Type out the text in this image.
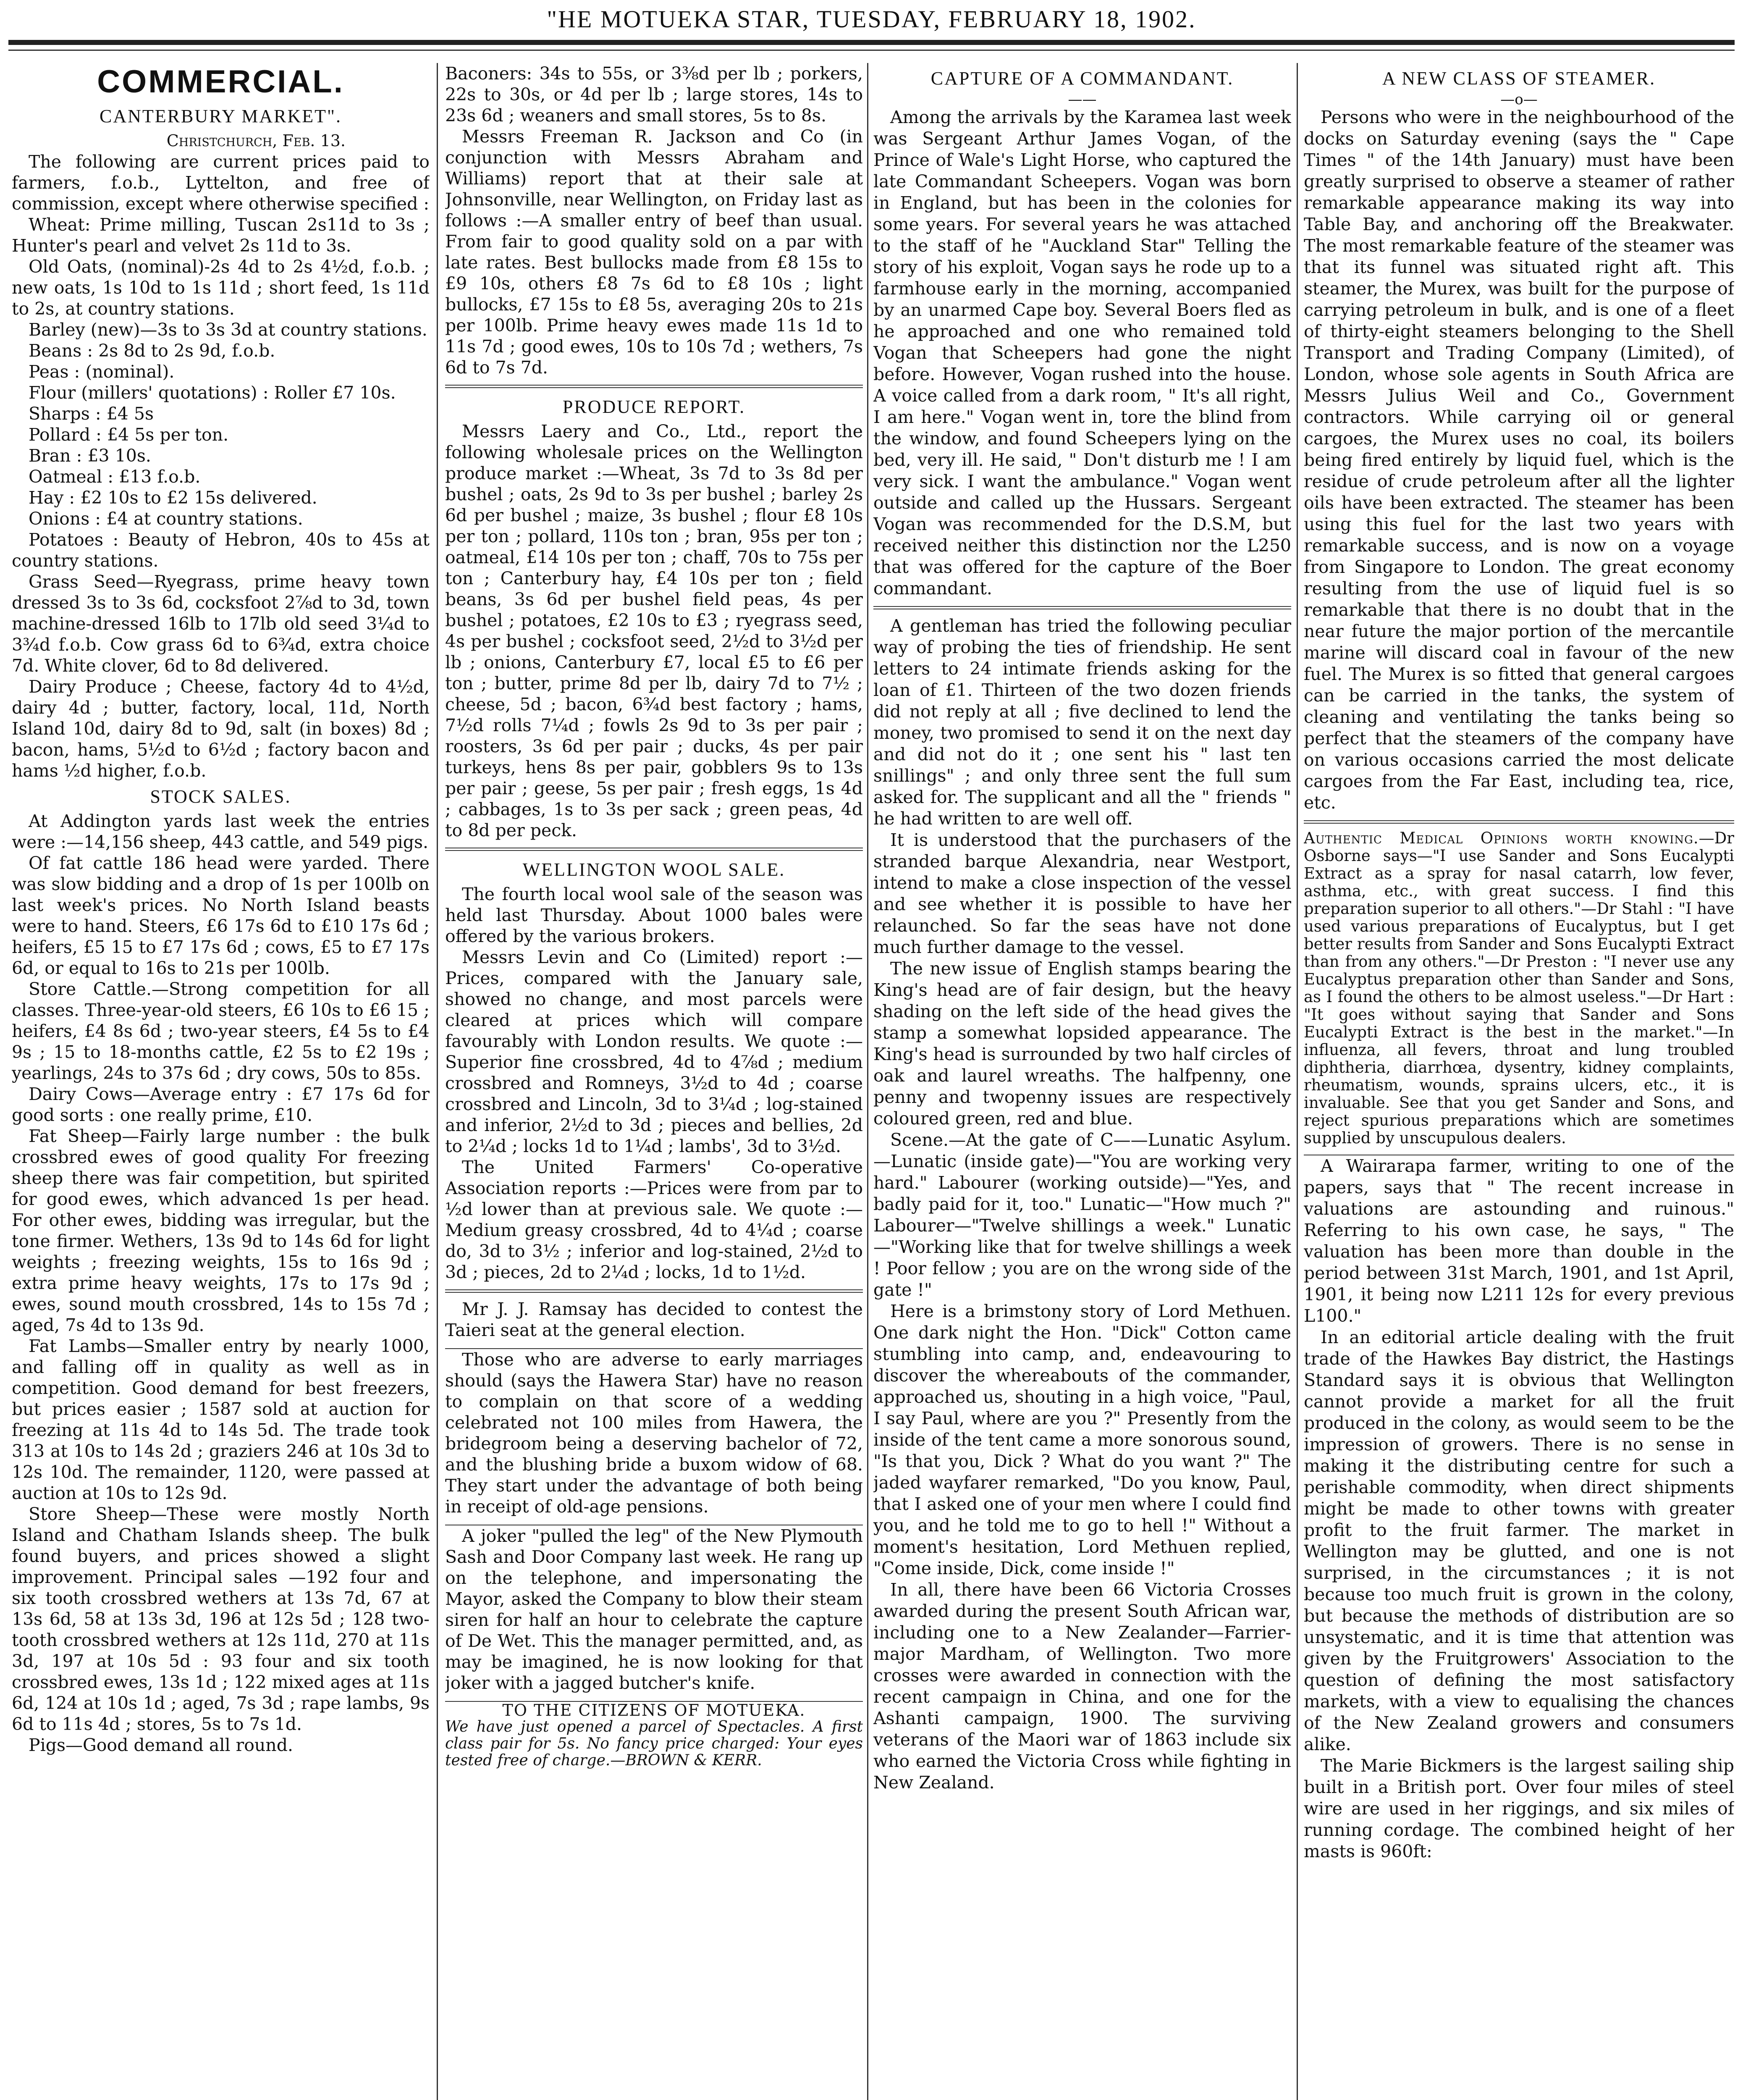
"HE MOTUEKA STAR, TUESDAY, FEBRUARY 18, 1902.
COMMERCIAL.
CANTERBURY MARKET".
Christchurch, Feb. 13.

The following are current prices paid to farmers, f.o.b., Lyttelton, and free of commission, except where otherwise specified :

Wheat: Prime milling, Tuscan 2s11d to 3s ; Hunter's pearl and velvet 2s 11d to 3s.

Old Oats, (nominal)-2s 4d to 2s 4½d, f.o.b. ; new oats, 1s 10d to 1s 11d ; short feed, 1s 11d to 2s, at country stations.

Barley (new)—3s to 3s 3d at country stations.

Beans : 2s 8d to 2s 9d, f.o.b.

Peas : (nominal).

Flour (millers' quotations) : Roller £7 10s.

Sharps : £4 5s

Pollard : £4 5s per ton.

Bran : £3 10s.

Oatmeal : £13 f.o.b.

Hay : £2 10s to £2 15s delivered.

Onions : £4 at country stations.

Potatoes : Beauty of Hebron, 40s to 45s at country stations.

Grass Seed—Ryegrass, prime heavy town dressed 3s to 3s 6d, cocksfoot 2⅞d to 3d, town machine-dressed 16lb to 17lb old seed 3¼d to 3¾d f.o.b. Cow grass 6d to 6¾d, extra choice 7d. White clover, 6d to 8d delivered.

Dairy Produce ; Cheese, factory 4d to 4½d, dairy 4d ; butter, factory, local, 11d, North Island 10d, dairy 8d to 9d, salt (in boxes) 8d ; bacon, hams, 5½d to 6½d ; factory bacon and hams ½d higher, f.o.b.

STOCK SALES.

At Addington yards last week the entries were :—14,156 sheep, 443 cattle, and 549 pigs.

Of fat cattle 186 head were yarded. There was slow bidding and a drop of 1s per 100lb on last week's prices. No North Island beasts were to hand. Steers, £6 17s 6d to £10 17s 6d ; heifers, £5 15 to £7 17s 6d ; cows, £5 to £7 17s 6d, or equal to 16s to 21s per 100lb.

Store Cattle.—Strong competition for all classes. Three-year-old steers, £6 10s to £6 15 ; heifers, £4 8s 6d ; two-year steers, £4 5s to £4 9s ; 15 to 18-months cattle, £2 5s to £2 19s ; yearlings, 24s to 37s 6d ; dry cows, 50s to 85s.

Dairy Cows—Average entry : £7 17s 6d for good sorts : one really prime, £10.

Fat Sheep—Fairly large number : the bulk crossbred ewes of good quality For freezing sheep there was fair competition, but spirited for good ewes, which advanced 1s per head. For other ewes, bidding was irregular, but the tone firmer. Wethers, 13s 9d to 14s 6d for light weights ; freezing weights, 15s to 16s 9d ; extra prime heavy weights, 17s to 17s 9d ; ewes, sound mouth crossbred, 14s to 15s 7d ; aged, 7s 4d to 13s 9d.

Fat Lambs—Smaller entry by nearly 1000, and falling off in quality as well as in competition. Good demand for best freezers, but prices easier ; 1587 sold at auction for freezing at 11s 4d to 14s 5d. The trade took 313 at 10s to 14s 2d ; graziers 246 at 10s 3d to 12s 10d. The remainder, 1120, were passed at auction at 10s to 12s 9d.

Store Sheep—These were mostly North Island and Chatham Islands sheep. The bulk found buyers, and prices showed a slight improvement. Principal sales —192 four and six tooth crossbred wethers at 13s 7d, 67 at 13s 6d, 58 at 13s 3d, 196 at 12s 5d ; 128 two-tooth crossbred wethers at 12s 11d, 270 at 11s 3d, 197 at 10s 5d : 93 four and six tooth crossbred ewes, 13s 1d ; 122 mixed ages at 11s 6d, 124 at 10s 1d ; aged, 7s 3d ; rape lambs, 9s 6d to 11s 4d ; stores, 5s to 7s 1d.

Pigs—Good demand all round.

Baconers: 34s to 55s, or 3⅜d per lb ; porkers, 22s to 30s, or 4d per lb ; large stores, 14s to 23s 6d ; weaners and small stores, 5s to 8s.

Messrs Freeman R. Jackson and Co (in conjunction with Messrs Abraham and Williams) report that at their sale at Johnsonville, near Wellington, on Friday last as follows :—A smaller entry of beef than usual. From fair to good quality sold on a par with late rates. Best bullocks made from £8 15s to £9 10s, others £8 7s 6d to £8 10s ; light bullocks, £7 15s to £8 5s, averaging 20s to 21s per 100lb. Prime heavy ewes made 11s 1d to 11s 7d ; good ewes, 10s to 10s 7d ; wethers, 7s 6d to 7s 7d.

PRODUCE REPORT.

Messrs Laery and Co., Ltd., report the following wholesale prices on the Wellington produce market :—Wheat, 3s 7d to 3s 8d per bushel ; oats, 2s 9d to 3s per bushel ; barley 2s 6d per bushel ; maize, 3s bushel ; flour £8 10s per ton ; pollard, 110s ton ; bran, 95s per ton ; oatmeal, £14 10s per ton ; chaff, 70s to 75s per ton ; Canterbury hay, £4 10s per ton ; field beans, 3s 6d per bushel field peas, 4s per bushel ; potatoes, £2 10s to £3 ; ryegrass seed, 4s per bushel ; cocksfoot seed, 2½d to 3½d per lb ; onions, Canterbury £7, local £5 to £6 per ton ; butter, prime 8d per lb, dairy 7d to 7½ ; cheese, 5d ; bacon, 6¾d best factory ; hams, 7½d rolls 7¼d ; fowls 2s 9d to 3s per pair ; roosters, 3s 6d per pair ; ducks, 4s per pair turkeys, hens 8s per pair, gobblers 9s to 13s per pair ; geese, 5s per pair ; fresh eggs, 1s 4d ; cabbages, 1s to 3s per sack ; green peas, 4d to 8d per peck.

WELLINGTON WOOL SALE.

The fourth local wool sale of the season was held last Thursday. About 1000 bales were offered by the various brokers.

Messrs Levin and Co (Limited) report :—Prices, compared with the January sale, showed no change, and most parcels were cleared at prices which will compare favourably with London results. We quote :—Superior fine crossbred, 4d to 4⅞d ; medium crossbred and Romneys, 3½d to 4d ; coarse crossbred and Lincoln, 3d to 3¼d ; log-stained and inferior, 2½d to 3d ; pieces and bellies, 2d to 2¼d ; locks 1d to 1¼d ; lambs', 3d to 3½d.

The United Farmers' Co-operative Association reports :—Prices were from par to ½d lower than at previous sale. We quote :—Medium greasy crossbred, 4d to 4¼d ; coarse do, 3d to 3½ ; inferior and log-stained, 2½d to 3d ; pieces, 2d to 2¼d ; locks, 1d to 1½d.

Mr J. J. Ramsay has decided to contest the Taieri seat at the general election.

Those who are adverse to early marriages should (says the Hawera Star) have no reason to complain on that score of a wedding celebrated not 100 miles from Hawera, the bridegroom being a deserving bachelor of 72, and the blushing bride a buxom widow of 68. They start under the advantage of both being in receipt of old-age pensions.

A joker "pulled the leg" of the New Plymouth Sash and Door Company last week. He rang up on the telephone, and impersonating the Mayor, asked the Company to blow their steam siren for half an hour to celebrate the capture of De Wet. This the manager permitted, and, as may be imagined, he is now looking for that joker with a jagged butcher's knife.

TO THE CITIZENS OF MOTUEKA.
We have just opened a parcel of Spectacles. A first class pair for 5s. No fancy price charged: Your eyes tested free of charge.—BROWN & KERR.
CAPTURE OF A COMMANDANT.
——

Among the arrivals by the Karamea last week was Sergeant Arthur James Vogan, of the Prince of Wale's Light Horse, who captured the late Commandant Scheepers. Vogan was born in England, but has been in the colonies for some years. For several years he was attached to the staff of he "Auckland Star" Telling the story of his exploit, Vogan says he rode up to a farmhouse early in the morning, accompanied by an unarmed Cape boy. Several Boers fled as he approached and one who remained told Vogan that Scheepers had gone the night before. However, Vogan rushed into the house. A voice called from a dark room, " It's all right, I am here." Vogan went in, tore the blind from the window, and found Scheepers lying on the bed, very ill. He said, " Don't disturb me ! I am very sick. I want the ambulance." Vogan went outside and called up the Hussars. Sergeant Vogan was recommended for the D.S.M, but received neither this distinction nor the L250 that was offered for the capture of the Boer commandant.

A gentleman has tried the following peculiar way of probing the ties of friendship. He sent letters to 24 intimate friends asking for the loan of £1. Thirteen of the two dozen friends did not reply at all ; five declined to lend the money, two promised to send it on the next day and did not do it ; one sent his " last ten snillings" ; and only three sent the full sum asked for. The supplicant and all the " friends " he had written to are well off.

It is understood that the purchasers of the stranded barque Alexandria, near Westport, intend to make a close inspection of the vessel and see whether it is possible to have her relaunched. So far the seas have not done much further damage to the vessel.

The new issue of English stamps bearing the King's head are of fair design, but the heavy shading on the left side of the head gives the stamp a somewhat lopsided appearance. The King's head is surrounded by two half circles of oak and laurel wreaths. The halfpenny, one penny and twopenny issues are respectively coloured green, red and blue.

Scene.—At the gate of C——Lunatic Asylum.—Lunatic (inside gate)—"You are working very hard." Labourer (working outside)—"Yes, and badly paid for it, too." Lunatic—"How much ?" Labourer—"Twelve shillings a week." Lunatic—"Working like that for twelve shillings a week ! Poor fellow ; you are on the wrong side of the gate !"

Here is a brimstony story of Lord Methuen. One dark night the Hon. "Dick" Cotton came stumbling into camp, and, endeavouring to discover the whereabouts of the commander, approached us, shouting in a high voice, "Paul, I say Paul, where are you ?" Presently from the inside of the tent came a more sonorous sound, "Is that you, Dick ? What do you want ?" The jaded wayfarer remarked, "Do you know, Paul, that I asked one of your men where I could find you, and he told me to go to hell !" Without a moment's hesitation, Lord Methuen replied, "Come inside, Dick, come inside !"

In all, there have been 66 Victoria Crosses awarded during the present South African war, including one to a New Zealander—Farrier-major Mardham, of Wellington. Two more crosses were awarded in connection with the recent campaign in China, and one for the Ashanti campaign, 1900. The surviving veterans of the Maori war of 1863 include six who earned the Victoria Cross while fighting in New Zealand.

A NEW CLASS OF STEAMER.
—o—

Persons who were in the neighbourhood of the docks on Saturday evening (says the " Cape Times " of the 14th January) must have been greatly surprised to observe a steamer of rather remarkable appearance making its way into Table Bay, and anchoring off the Breakwater. The most remarkable feature of the steamer was that its funnel was situated right aft. This steamer, the Murex, was built for the purpose of carrying petroleum in bulk, and is one of a fleet of thirty-eight steamers belonging to the Shell Transport and Trading Company (Limited), of London, whose sole agents in South Africa are Messrs Julius Weil and Co., Government contractors. While carrying oil or general cargoes, the Murex uses no coal, its boilers being fired entirely by liquid fuel, which is the residue of crude petroleum after all the lighter oils have been extracted. The steamer has been using this fuel for the last two years with remarkable success, and is now on a voyage from Singapore to London. The great economy resulting from the use of liquid fuel is so remarkable that there is no doubt that in the near future the major portion of the mercantile marine will discard coal in favour of the new fuel. The Murex is so fitted that general cargoes can be carried in the tanks, the system of cleaning and ventilating the tanks being so perfect that the steamers of the company have on various occasions carried the most delicate cargoes from the Far East, including tea, rice, etc.

Authentic Medical Opinions worth knowing.—Dr Osborne says—"I use Sander and Sons Eucalypti Extract as a spray for nasal catarrh, low fever, asthma, etc., with great success. I find this preparation superior to all others."—Dr Stahl : "I have used various preparations of Eucalyptus, but I get better results from Sander and Sons Eucalypti Extract than from any others."—Dr Preston : "I never use any Eucalyptus preparation other than Sander and Sons, as I found the others to be almost useless."—Dr Hart : "It goes without saying that Sander and Sons Eucalypti Extract is the best in the market."—In influenza, all fevers, throat and lung troubled diphtheria, diarrhœa, dysentry, kidney complaints, rheumatism, wounds, sprains ulcers, etc., it is invaluable. See that you get Sander and Sons, and reject spurious preparations which are sometimes supplied by unscupulous dealers.

A Wairarapa farmer, writing to one of the papers, says that " The recent increase in valuations are astounding and ruinous." Referring to his own case, he says, " The valuation has been more than double in the period between 31st March, 1901, and 1st April, 1901, it being now L211 12s for every previous L100."

In an editorial article dealing with the fruit trade of the Hawkes Bay district, the Hastings Standard says it is obvious that Wellington cannot provide a market for all the fruit produced in the colony, as would seem to be the impression of growers. There is no sense in making it the distributing centre for such a perishable commodity, when direct shipments might be made to other towns with greater profit to the fruit farmer. The market in Wellington may be glutted, and one is not surprised, in the circumstances ; it is not because too much fruit is grown in the colony, but because the methods of distribution are so unsystematic, and it is time that attention was given by the Fruitgrowers' Association to the question of defining the most satisfactory markets, with a view to equalising the chances of the New Zealand growers and consumers alike.

The Marie Bickmers is the largest sailing ship built in a British port. Over four miles of steel wire are used in her riggings, and six miles of running cordage. The combined height of her masts is 960ft:
